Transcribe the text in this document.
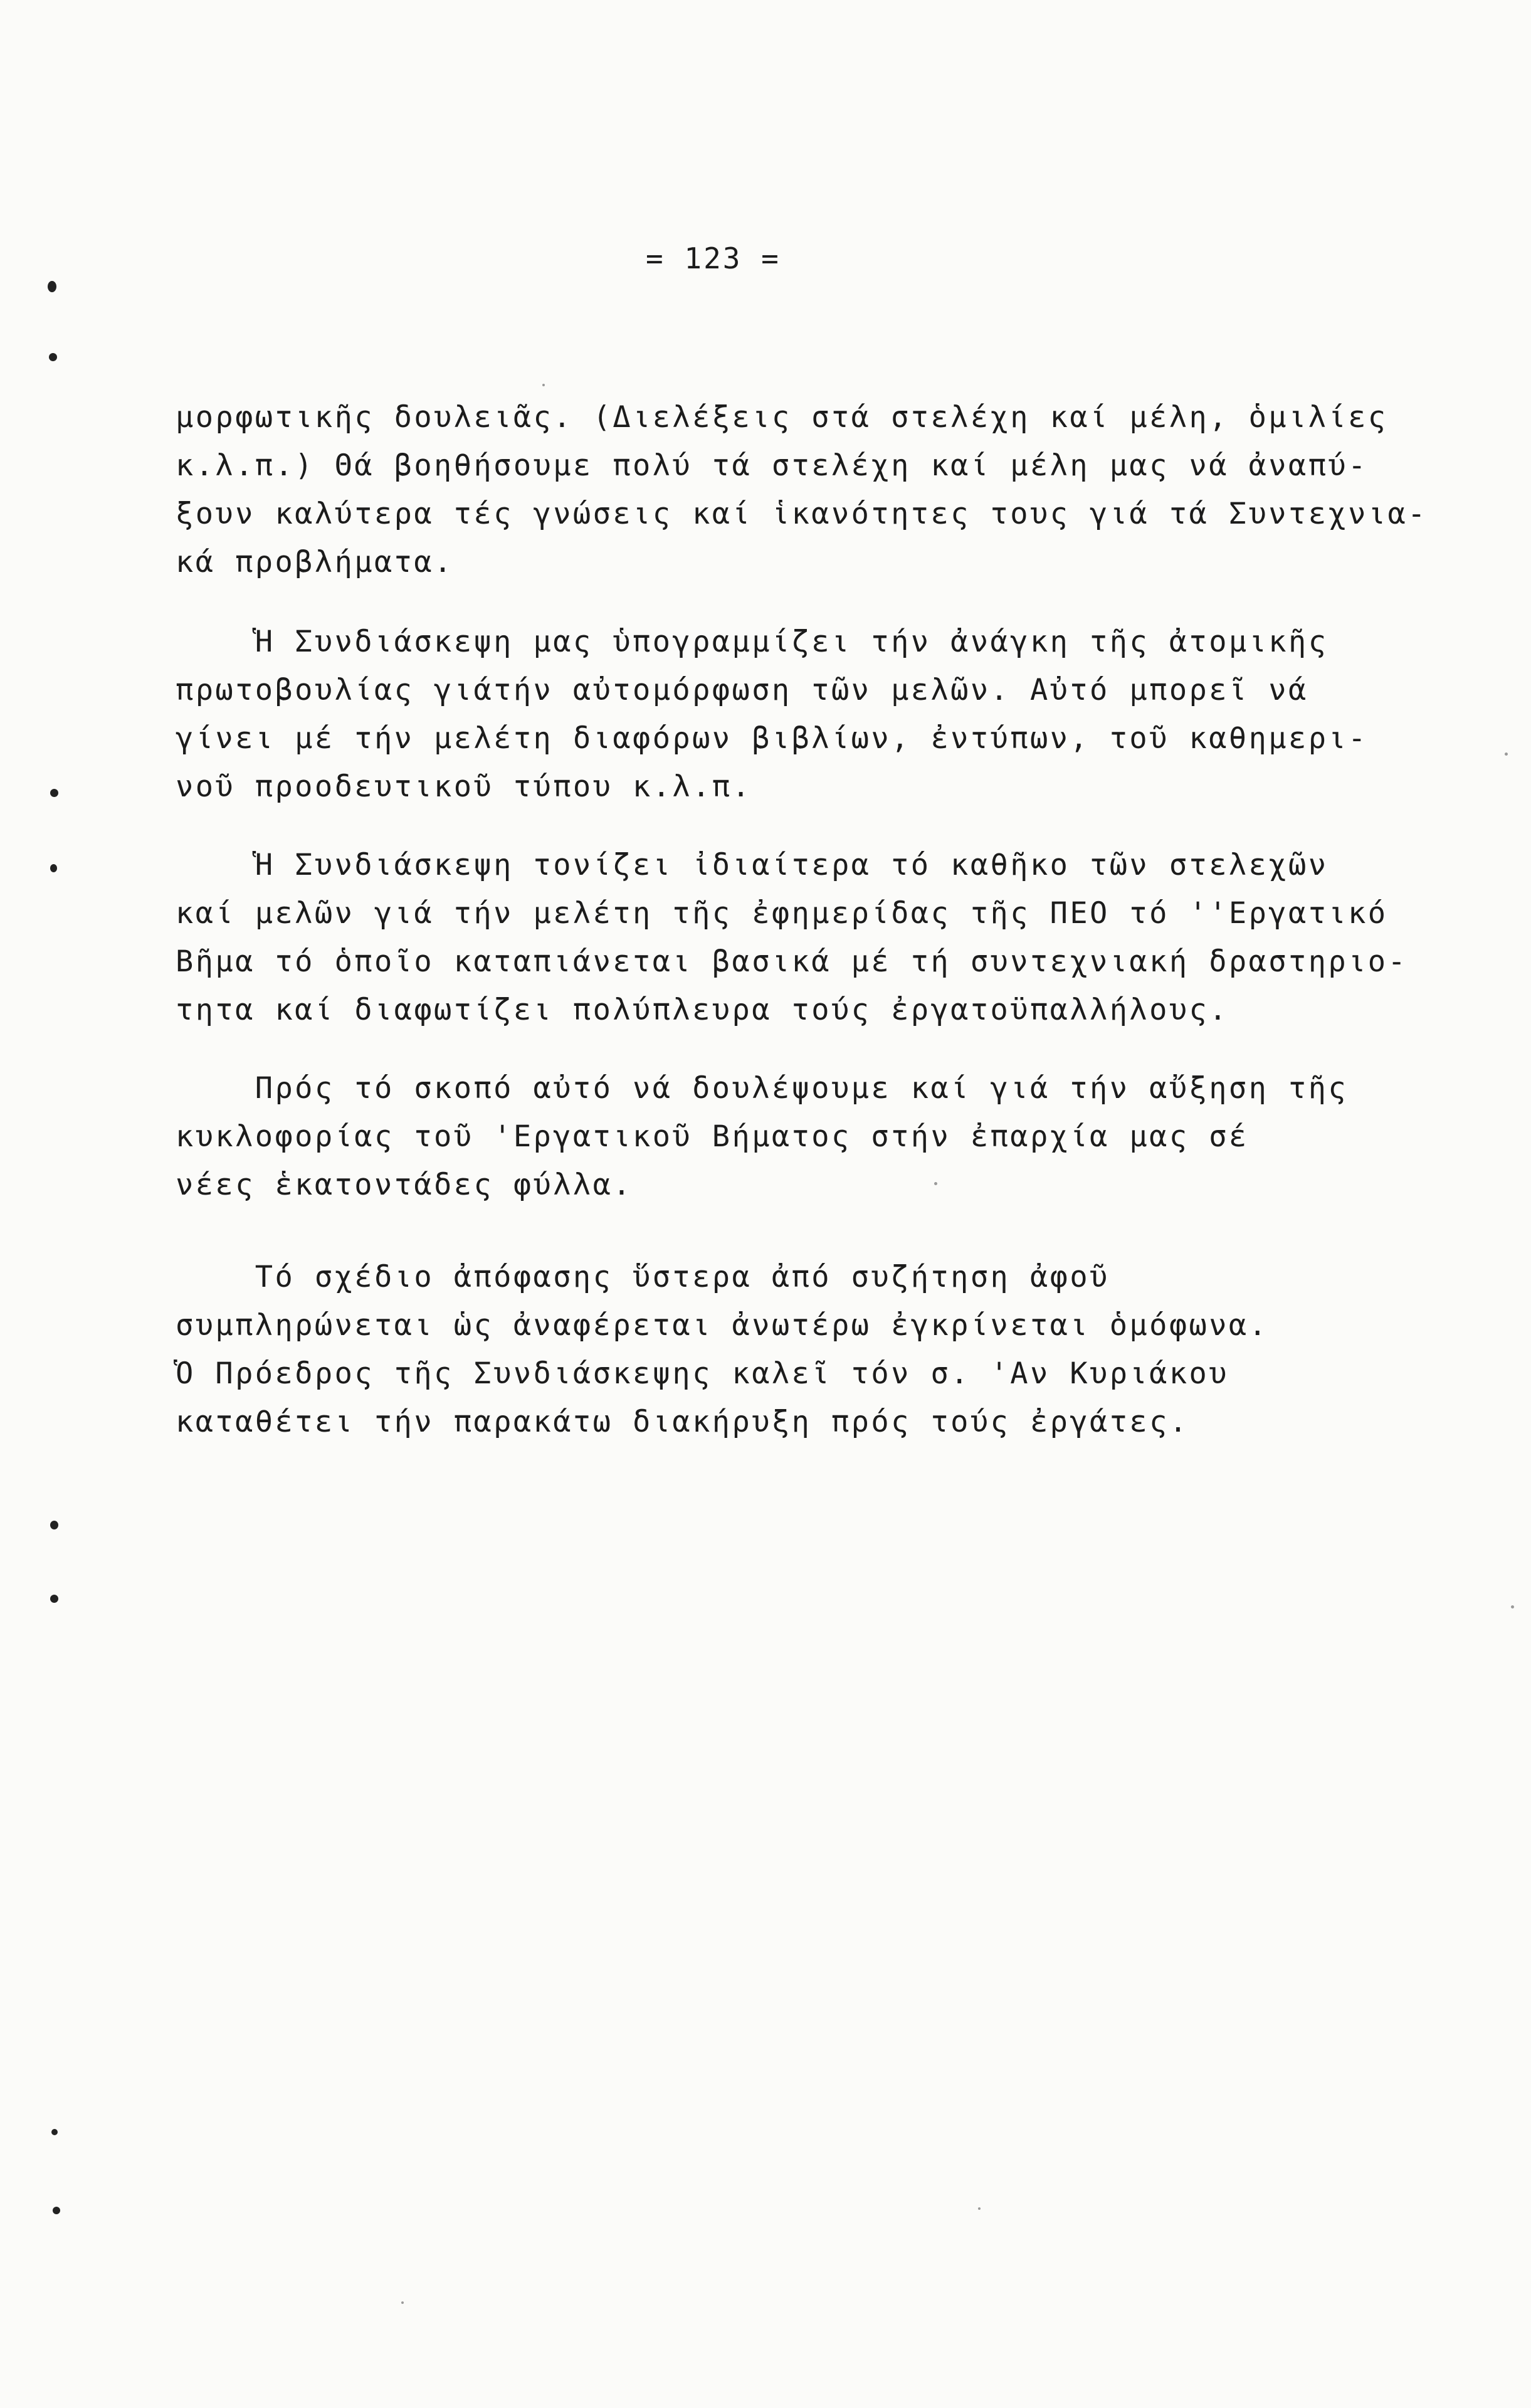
= 123 =
μορφωτικῆς δουλειᾶς. (Διελέξεις στά στελέχη καί μέλη, ὁμιλίες
κ.λ.π.) Θά βοηθήσουμε πολύ τά στελέχη καί μέλη μας νά ἀναπύ-
ξουν καλύτερα τές γνώσεις καί ἱκανότητες τους γιά τά Συντεχνια-
κά προβλήματα.
Ἡ Συνδιάσκεψη μας ὑπογραμμίζει τήν ἀνάγκη τῆς ἀτομικῆς
πρωτοβουλίας γιάτήν αὐτομόρφωση τῶν μελῶν. Αὐτό μπορεῖ νά
γίνει μέ τήν μελέτη διαφόρων βιβλίων, ἐντύπων, τοῦ καθημερι-
νοῦ προοδευτικοῦ τύπου κ.λ.π.
Ἡ Συνδιάσκεψη τονίζει ἰδιαίτερα τό καθῆκο τῶν στελεχῶν
καί μελῶν γιά τήν μελέτη τῆς ἐφημερίδας τῆς ΠΕΟ τό ''Εργατικό
Βῆμα τό ὁποῖο καταπιάνεται βασικά μέ τή συντεχνιακή δραστηριο-
τητα καί διαφωτίζει πολύπλευρα τούς ἐργατοϋπαλλήλους.
Πρός τό σκοπό αὐτό νά δουλέψουμε καί γιά τήν αὔξηση τῆς
κυκλοφορίας τοῦ 'Εργατικοῦ Βήματος στήν ἐπαρχία μας σέ
νέες ἑκατοντάδες φύλλα.
Τό σχέδιο ἀπόφασης ὕστερα ἀπό συζήτηση ἀφοῦ
συμπληρώνεται ὡς ἀναφέρεται ἀνωτέρω ἐγκρίνεται ὁμόφωνα.
Ὁ Πρόεδρος τῆς Συνδιάσκεψης καλεῖ τόν σ. 'Αν Κυριάκου
καταθέτει τήν παρακάτω διακήρυξη πρός τούς ἐργάτες.
